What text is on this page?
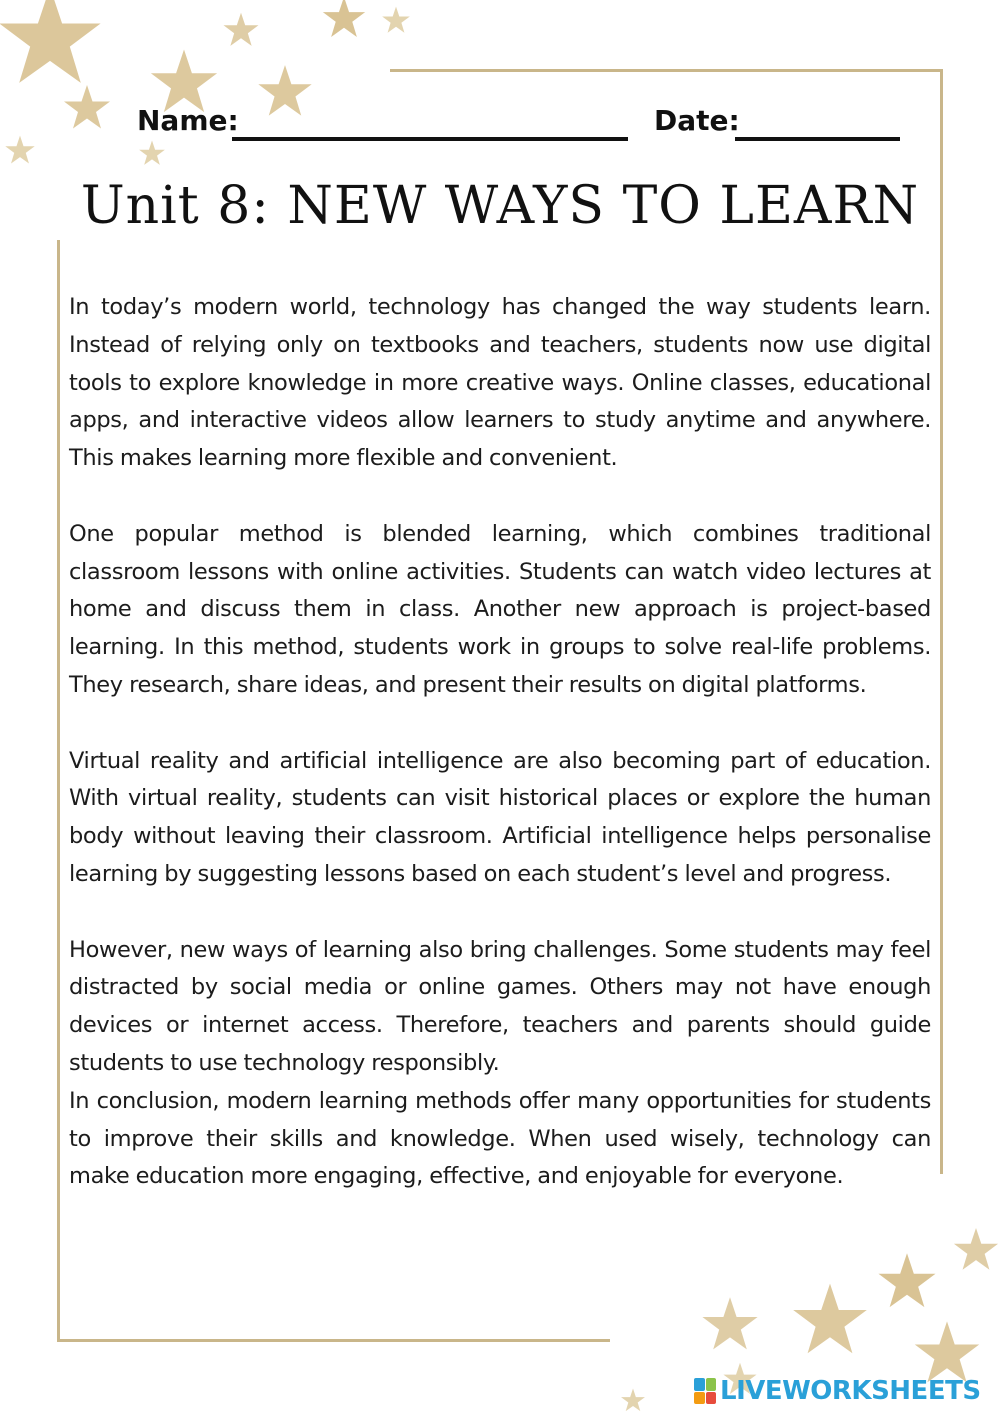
Name:	Date:
Unit 8: NEW WAYS TO LEARN

In today’s modern world, technology has changed the way students learn. Instead of relying only on textbooks and teachers, students now use digital tools to explore knowledge in more creative ways. Online classes, educational apps, and interactive videos allow learners to study anytime and anywhere. This makes learning more flexible and convenient.

One popular method is blended learning, which combines traditional classroom lessons with online activities. Students can watch video lectures at home and discuss them in class. Another new approach is project-based learning. In this method, students work in groups to solve real-life problems. They research, share ideas, and present their results on digital platforms.

Virtual reality and artificial intelligence are also becoming part of education. With virtual reality, students can visit historical places or explore the human body without leaving their classroom. Artificial intelligence helps personalise learning by suggesting lessons based on each student’s level and progress.

However, new ways of learning also bring challenges. Some students may feel distracted by social media or online games. Others may not have enough devices or internet access. Therefore, teachers and parents should guide students to use technology responsibly.

In conclusion, modern learning methods offer many opportunities for students to improve their skills and knowledge. When used wisely, technology can make education more engaging, effective, and enjoyable for everyone.

LIVEWORKSHEETS
